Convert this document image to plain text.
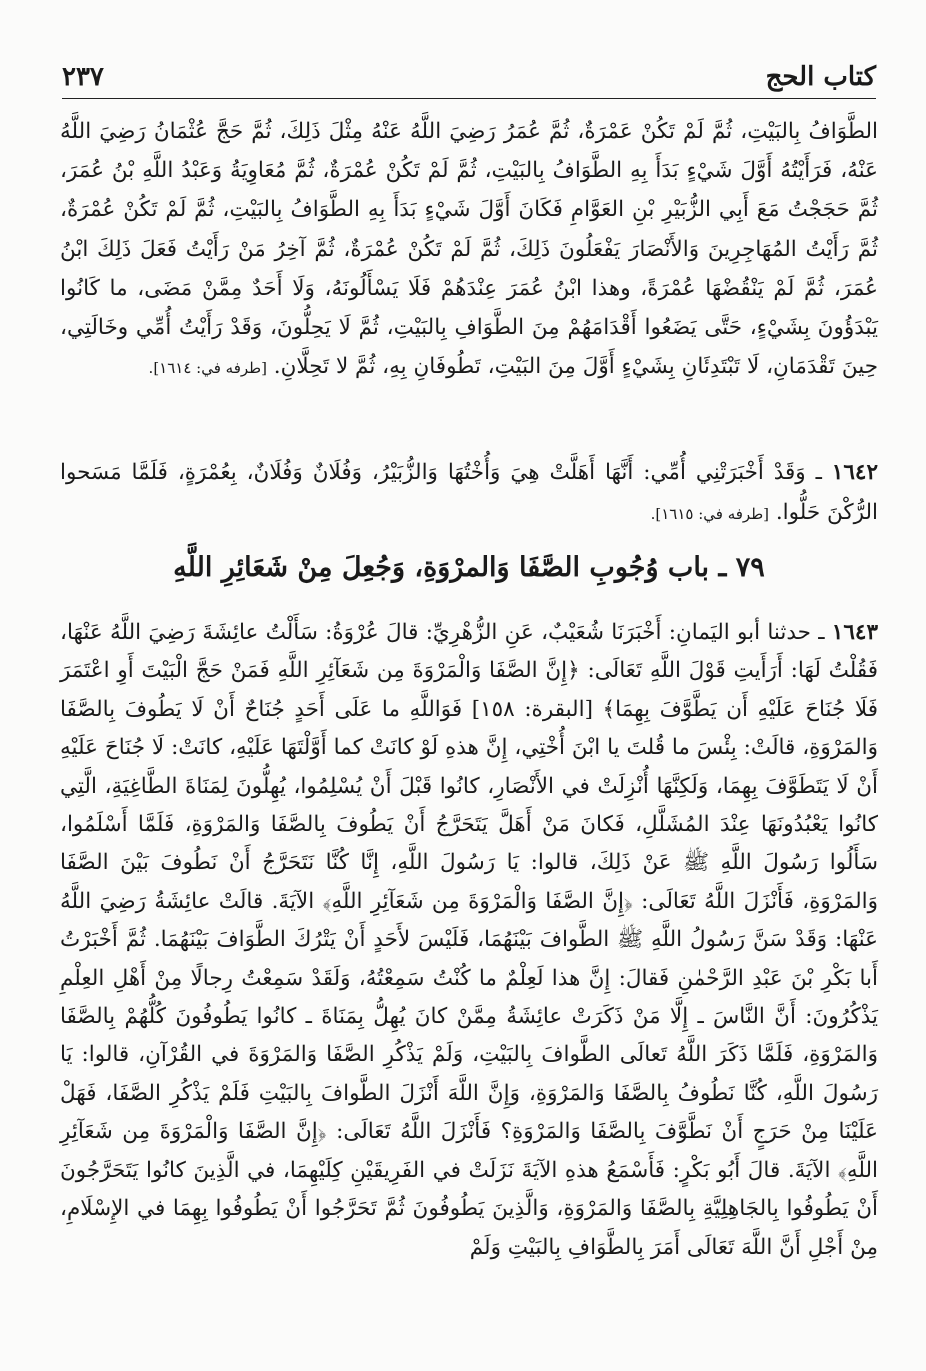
كتاب الحج
٢٣٧
الطَّوَافُ بِالبَيْتِ، ثُمَّ لَمْ تَكُنْ عَمْرَةٌ، ثُمَّ عُمَرُ رَضِيَ اللَّهُ عَنْهُ مِثْلَ ذَلِكَ، ثُمَّ حَجَّ عُثْمَانُ رَضِيَ اللَّهُ عَنْهُ، فَرَأَيْتُهُ أَوَّلَ شَيْءٍ بَدَأَ بِهِ الطَّوَافُ بِالبَيْتِ، ثُمَّ لَمْ تَكُنْ عُمْرَةٌ، ثُمَّ مُعَاوِيَةُ وَعَبْدُ اللَّهِ بْنُ عُمَرَ، ثُمَّ حَجَجْتُ مَعَ أَبِي الزُّبَيْرِ بْنِ العَوَّامِ فَكَانَ أَوَّلَ شَيْءٍ بَدَأَ بِهِ الطَّوَافُ بِالبَيْتِ، ثُمَّ لَمْ تَكُنْ عُمْرَةٌ، ثُمَّ رَأَيْتُ المُهَاجِرِينَ وَالأَنْصَارَ يَفْعَلُونَ ذَلِكَ، ثُمَّ لَمْ تَكُنْ عُمْرَةٌ، ثُمَّ آخِرُ مَنْ رَأَيْتُ فَعَلَ ذَلِكَ ابْنُ عُمَرَ، ثُمَّ لَمْ يَنْقُضْهَا عُمْرَةً، وهذا ابْنُ عُمَرَ عِنْدَهُمْ فَلَا يَسْأَلُونَهُ، وَلَا أَحَدٌ مِمَّنْ مَضَى، ما كَانُوا يَبْدَؤُونَ بِشَيْءٍ، حَتَّى يَضَعُوا أَقْدَامَهُمْ مِنَ الطَّوَافِ بِالبَيْتِ، ثُمَّ لَا يَحِلُّونَ، وَقَدْ رَأَيْتُ أُمِّي وخَالَتِي، حِينَ تَقْدَمَانِ، لَا تَبْتَدِئَانِ بِشَيْءٍ أَوَّلَ مِنَ البَيْتِ، تَطُوفَانِ بِهِ، ثُمَّ لا تَحِلَّانِ. [طرفه في: ١٦١٤].
١٦٤٢ ـ وَقَدْ أَخْبَرَتْنِي أُمِّي: أَنَّهَا أَهَلَّتْ هِيَ وَأُخْتُهَا وَالزُّبَيْرُ، وَفُلَانٌ وَفُلَانٌ، بِعُمْرَةٍ، فَلَمَّا مَسَحوا الرُّكْنَ حَلُّوا. [طرفه في: ١٦١٥].
٧٩ ـ باب وُجُوبِ الصَّفَا وَالمرْوَةِ، وَجُعِلَ مِنْ شَعَائِرِ اللَّهِ
١٦٤٣ ـ حدثنا أبو اليَمانِ: أَخْبَرَنَا شُعَيْبٌ، عَنِ الزُّهْرِيِّ: قالَ عُرْوَةُ: سَأَلْتُ عائِشَةَ رَضِيَ اللَّهُ عَنْهَا، فَقُلْتُ لَهَا: أَرَأَيتِ قَوْلَ اللَّهِ تَعَالَى: ﴿إِنَّ الصَّفَا وَالْمَرْوَةَ مِن شَعَآئِرِ اللَّهِ فَمَنْ حَجَّ الْبَيْتَ أَوِ اعْتَمَرَ فَلَا جُنَاحَ عَلَيْهِ أَن يَطَّوَّفَ بِهِمَا﴾ [البقرة: ١٥٨] فَوَاللَّهِ ما عَلَى أَحَدٍ جُنَاحٌ أَنْ لَا يَطُوفَ بِالصَّفَا وَالمَرْوَةِ، قالَتْ: بِئْسَ ما قُلتَ يا ابْنَ أُخْتِي، إِنَّ هذهِ لَوْ كانَتْ كما أَوَّلْتَهَا عَلَيْهِ، كانَتْ: لَا جُنَاحَ عَلَيْهِ أَنْ لَا يَتَطَوَّفَ بِهِمَا، وَلَكِنَّهَا أُنْزِلَتْ في الأَنْصَارِ، كانُوا قَبْلَ أَنْ يُسْلِمُوا، يُهِلُّونَ لِمَنَاةَ الطَّاغِيَةِ، الَّتِي كانُوا يَعْبُدُونَهَا عِنْدَ المُشَلَّلِ، فَكانَ مَنْ أَهَلَّ يَتَحَرَّجُ أَنْ يَطُوفَ بِالصَّفَا وَالمَرْوَةِ، فَلَمَّا أَسْلَمُوا، سَأَلُوا رَسُولَ اللَّهِ ﷺ عَنْ ذَلِكَ، قالوا: يَا رَسُولَ اللَّهِ، إِنَّا كُنَّا نَتَحَرَّجُ أَنْ نَطُوفَ بَيْنَ الصَّفَا وَالمَرْوَةِ، فَأَنْزَلَ اللَّهُ تَعَالَى: ﴿إِنَّ الصَّفَا وَالْمَرْوَةَ مِن شَعَآئِرِ اللَّهِ﴾ الآيَةَ. قالَتْ عائِشَةُ رَضِيَ اللَّهُ عَنْهَا: وَقَدْ سَنَّ رَسُولُ اللَّهِ ﷺ الطَّوافَ بَيْنَهُمَا، فَلَيْسَ لأَحَدٍ أَنْ يَتْرُكَ الطَّوَافَ بَيْنَهُمَا. ثُمَّ أَخْبَرْتُ أَبا بَكْرِ بْنَ عَبْدِ الرَّحْمٰنِ فَقالَ: إِنَّ هذا لَعِلْمٌ ما كُنْتُ سَمِعْتُهُ، وَلَقَدْ سَمِعْتُ رِجالًا مِنْ أَهْلِ العِلْمِ يَذْكُرُونَ: أَنَّ النَّاسَ ـ إِلَّا مَنْ ذَكَرَتْ عائِشَةُ مِمَّنْ كانَ يُهِلُّ بِمَنَاةَ ـ كانُوا يَطُوفُونَ كُلُّهُمْ بِالصَّفَا وَالمَرْوَةِ، فَلَمَّا ذَكَرَ اللَّهُ تَعالَى الطَّوافَ بِالبَيْتِ، وَلَمْ يَذْكُرِ الصَّفَا وَالمَرْوَةَ في القُرْآنِ، قالوا: يَا رَسُولَ اللَّهِ، كُنَّا نَطُوفُ بِالصَّفَا وَالمَرْوَةِ، وَإِنَّ اللَّهَ أَنْزَلَ الطَّوافَ بِالبَيْتِ فَلَمْ يَذْكُرِ الصَّفَا، فَهَلْ عَلَيْنَا مِنْ حَرَجٍ أَنْ نَطَّوَّفَ بِالصَّفَا وَالمَرْوَةِ؟ فَأَنْزَلَ اللَّهُ تَعَالَى: ﴿إِنَّ الصَّفَا وَالْمَرْوَةَ مِن شَعَآئِرِ اللَّهِ﴾ الآيَةَ. قالَ أَبُو بَكْرٍ: فَأَسْمَعُ هذهِ الآيَةَ نَزَلَتْ في الفَرِيقَيْنِ كِلَيْهِمَا، في الَّذِينَ كانُوا يَتَحَرَّجُونَ أَنْ يَطُوفُوا بِالجَاهِلِيَّةِ بِالصَّفَا وَالمَرْوَةِ، وَالَّذِينَ يَطُوفُونَ ثُمَّ تَحَرَّجُوا أَنْ يَطُوفُوا بِهِمَا في الإِسْلَامِ، مِنْ أَجْلِ أَنَّ اللَّهَ تَعَالَى أَمَرَ بِالطَّوَافِ بِالبَيْتِ وَلَمْ
